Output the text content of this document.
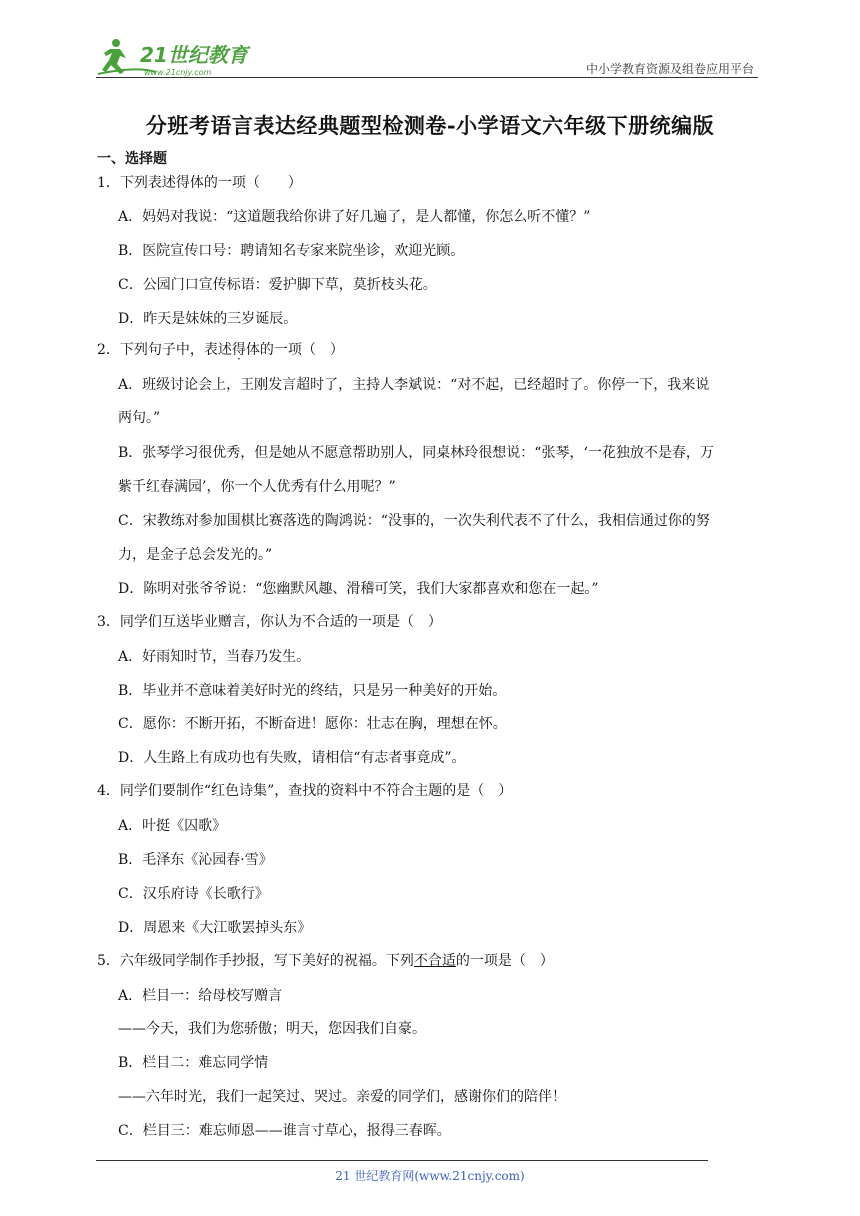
21世纪教育
www.21cnjy.com	中小学教育资源及组卷应用平台
分班考语言表达经典题型检测卷-小学语文六年级下册统编版
一、选择题
1．下列表述得体的一项（　　）
A．妈妈对我说：“这道题我给你讲了好几遍了，是人都懂，你怎么听不懂？”
B．医院宣传口号：聘请知名专家来院坐诊，欢迎光顾。
C．公园门口宣传标语：爱护脚下草，莫折枝头花。
D．昨天是妹妹的三岁诞辰。
2．下列句子中，表述得体的一项（　）
A．班级讨论会上，王刚发言超时了，主持人李斌说：“对不起，已经超时了。你停一下，我来说
两句。”
B．张琴学习很优秀，但是她从不愿意帮助别人，同桌林玲很想说：“张琴，‘一花独放不是春，万
紫千红春满园’，你一个人优秀有什么用呢？”
C．宋教练对参加围棋比赛落选的陶鸿说：“没事的，一次失利代表不了什么，我相信通过你的努
力，是金子总会发光的。”
D．陈明对张爷爷说：“您幽默风趣、滑稽可笑，我们大家都喜欢和您在一起。”
3．同学们互送毕业赠言，你认为不合适的一项是（　）
A．好雨知时节，当春乃发生。
B．毕业并不意味着美好时光的终结，只是另一种美好的开始。
C．愿你：不断开拓，不断奋进！愿你：壮志在胸，理想在怀。
D．人生路上有成功也有失败，请相信“有志者事竟成”。
4．同学们要制作“红色诗集”，查找的资料中不符合主题的是（　）
A．叶挺《囚歌》
B．毛泽东《沁园春·雪》
C．汉乐府诗《长歌行》
D．周恩来《大江歌罢掉头东》
5．六年级同学制作手抄报，写下美好的祝福。下列不合适的一项是（　）
A．栏目一：给母校写赠言
——今天，我们为您骄傲；明天，您因我们自豪。
B．栏目二：难忘同学情
——六年时光，我们一起笑过、哭过。亲爱的同学们，感谢你们的陪伴！
C．栏目三：难忘师恩——谁言寸草心，报得三春晖。
21 世纪教育网(www.21cnjy.com)
